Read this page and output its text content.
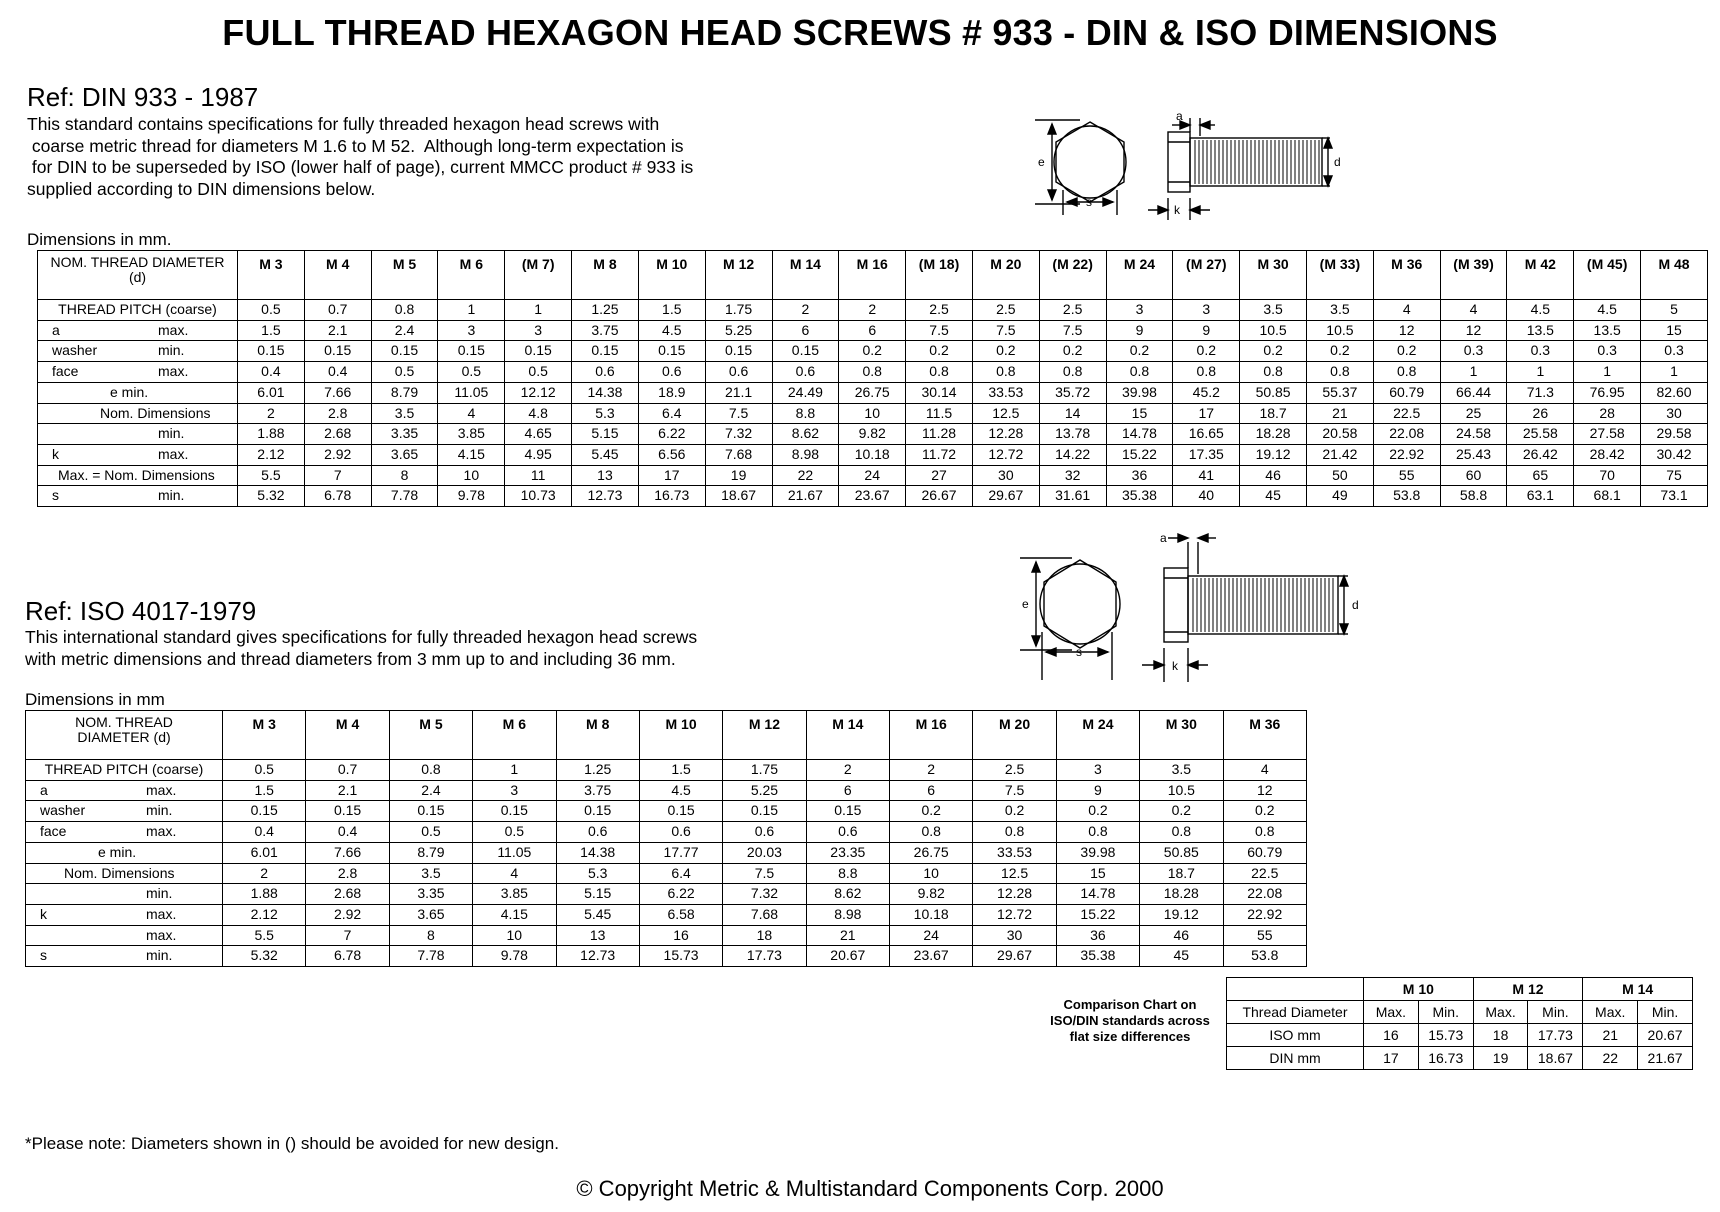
FULL THREAD HEXAGON HEAD SCREWS # 933 - DIN & ISO DIMENSIONS
Ref: DIN 933 - 1987
This standard contains specifications for fully threaded hexagon head screws with
coarse metric thread for diameters M 1.6 to M 52.  Although long-term expectation is
for DIN to be superseded by ISO (lower half of page), current MMCC product # 933 is
supplied according to DIN dimensions below.
Dimensions in mm.
e
s
a
k
d
NOM. THREAD DIAMETER
(d)	M 3	M 4	M 5	M 6	(M 7)	M 8	M 10	M 12	M 14	M 16	(M 18)	M 20	(M 22)	M 24	(M 27)	M 30	(M 33)	M 36	(M 39)	M 42	(M 45)	M 48

THREAD PITCH (coarse)	0.5	0.7	0.8	1	1	1.25	1.5	1.75	2	2	2.5	2.5	2.5	3	3	3.5	3.5	4	4	4.5	4.5	5

a max.	1.5	2.1	2.4	3	3	3.75	4.5	5.25	6	6	7.5	7.5	7.5	9	9	10.5	10.5	12	12	13.5	13.5	15

washer min.	0.15	0.15	0.15	0.15	0.15	0.15	0.15	0.15	0.15	0.2	0.2	0.2	0.2	0.2	0.2	0.2	0.2	0.2	0.3	0.3	0.3	0.3

face max.	0.4	0.4	0.5	0.5	0.5	0.6	0.6	0.6	0.6	0.8	0.8	0.8	0.8	0.8	0.8	0.8	0.8	0.8	1	1	1	1

e min.	6.01	7.66	8.79	11.05	12.12	14.38	18.9	21.1	24.49	26.75	30.14	33.53	35.72	39.98	45.2	50.85	55.37	60.79	66.44	71.3	76.95	82.60

Nom. Dimensions	2	2.8	3.5	4	4.8	5.3	6.4	7.5	8.8	10	11.5	12.5	14	15	17	18.7	21	22.5	25	26	28	30

min.	1.88	2.68	3.35	3.85	4.65	5.15	6.22	7.32	8.62	9.82	11.28	12.28	13.78	14.78	16.65	18.28	20.58	22.08	24.58	25.58	27.58	29.58

k max.	2.12	2.92	3.65	4.15	4.95	5.45	6.56	7.68	8.98	10.18	11.72	12.72	14.22	15.22	17.35	19.12	21.42	22.92	25.43	26.42	28.42	30.42

Max. = Nom. Dimensions	5.5	7	8	10	11	13	17	19	22	24	27	30	32	36	41	46	50	55	60	65	70	75

s min.	5.32	6.78	7.78	9.78	10.73	12.73	16.73	18.67	21.67	23.67	26.67	29.67	31.61	35.38	40	45	49	53.8	58.8	63.1	68.1	73.1
Ref: ISO 4017-1979
This international standard gives specifications for fully threaded hexagon head screws
with metric dimensions and thread diameters from 3 mm up to and including 36 mm.
Dimensions in mm
e
s
a
k
d
NOM. THREAD
DIAMETER (d)	M 3	M 4	M 5	M 6	M 8	M 10	M 12	M 14	M 16	M 20	M 24	M 30	M 36

THREAD PITCH (coarse)	0.5	0.7	0.8	1	1.25	1.5	1.75	2	2	2.5	3	3.5	4

a max.	1.5	2.1	2.4	3	3.75	4.5	5.25	6	6	7.5	9	10.5	12

washer min.	0.15	0.15	0.15	0.15	0.15	0.15	0.15	0.15	0.2	0.2	0.2	0.2	0.2

face max.	0.4	0.4	0.5	0.5	0.6	0.6	0.6	0.6	0.8	0.8	0.8	0.8	0.8

e min.	6.01	7.66	8.79	11.05	14.38	17.77	20.03	23.35	26.75	33.53	39.98	50.85	60.79

Nom. Dimensions	2	2.8	3.5	4	5.3	6.4	7.5	8.8	10	12.5	15	18.7	22.5

min.	1.88	2.68	3.35	3.85	5.15	6.22	7.32	8.62	9.82	12.28	14.78	18.28	22.08

k max.	2.12	2.92	3.65	4.15	5.45	6.58	7.68	8.98	10.18	12.72	15.22	19.12	22.92

max.	5.5	7	8	10	13	16	18	21	24	30	36	46	55

s min.	5.32	6.78	7.78	9.78	12.73	15.73	17.73	20.67	23.67	29.67	35.38	45	53.8
Comparison Chart on
ISO/DIN standards across
flat size differences
	M 10		M 12		M 14	
Thread Diameter	Max.	Min.	Max.	Min.	Max.	Min.
ISO mm	16	15.73	18	17.73	21	20.67
DIN mm	17	16.73	19	18.67	22	21.67
*Please note: Diameters shown in () should be avoided for new design.
© Copyright Metric & Multistandard Components Corp. 2000
